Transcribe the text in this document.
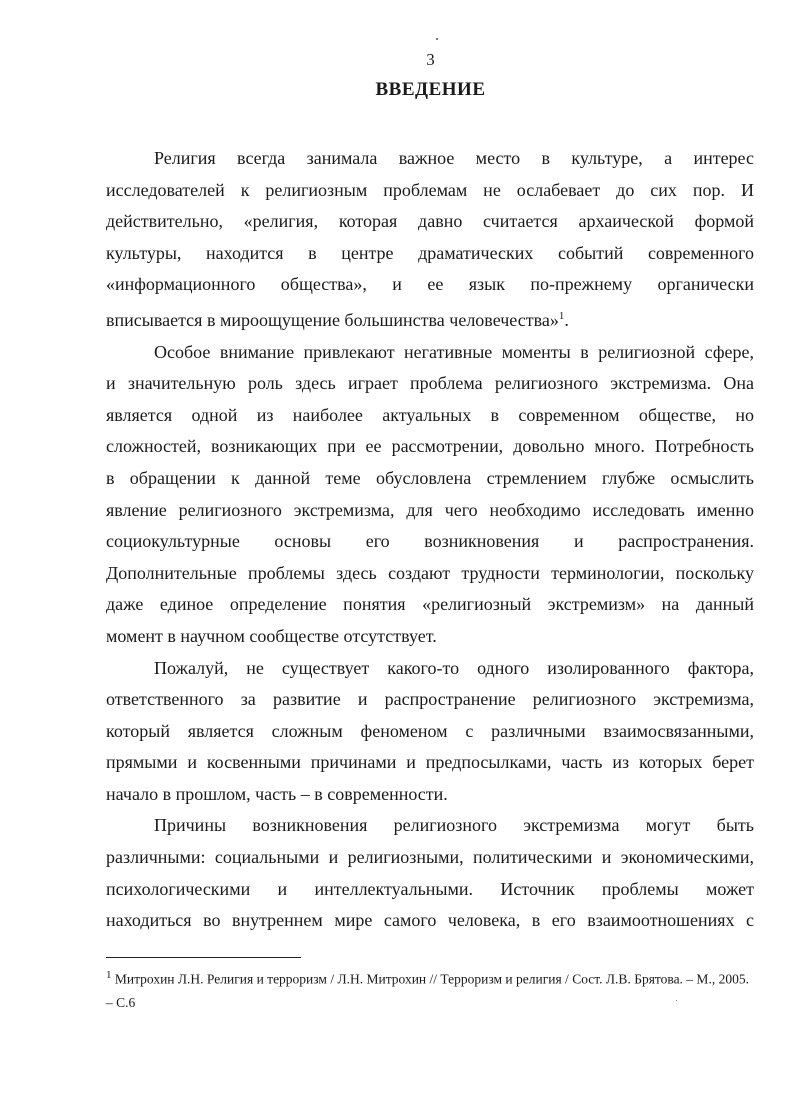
3
ВВЕДЕНИЕ
Религия всегда занимала важное место в культуре, а интерес
исследователей к религиозным проблемам не ослабевает до сих пор. И
действительно, «религия, которая давно считается архаической формой
культуры, находится в центре драматических событий современного
«информационного общества», и ее язык по-прежнему органически
вписывается в мироощущение большинства человечества»$^1$.
Особое внимание привлекают негативные моменты в религиозной сфере,
и значительную роль здесь играет проблема религиозного экстремизма. Она
является одной из наиболее актуальных в современном обществе, но
сложностей, возникающих при ее рассмотрении, довольно много. Потребность
в обращении к данной теме обусловлена стремлением глубже осмыслить
явление религиозного экстремизма, для чего необходимо исследовать именно
социокультурные основы его возникновения и распространения.
Дополнительные проблемы здесь создают трудности терминологии, поскольку
даже единое определение понятия «религиозный экстремизм» на данный
момент в научном сообществе отсутствует.
Пожалуй, не существует какого-то одного изолированного фактора,
ответственного за развитие и распространение религиозного экстремизма,
который является сложным феноменом с различными взаимосвязанными,
прямыми и косвенными причинами и предпосылками, часть из которых берет
начало в прошлом, часть – в современности.
Причины возникновения религиозного экстремизма могут быть
различными: социальными и религиозными, политическими и экономическими,
психологическими и интеллектуальными. Источник проблемы может
находиться во внутреннем мире самого человека, в его взаимоотношениях с
$^1$ Митрохин Л.Н. Религия и терроризм / Л.Н. Митрохин // Терроризм и религия / Сост. Л.В. Брятова. – М., 2005.
– С.6
